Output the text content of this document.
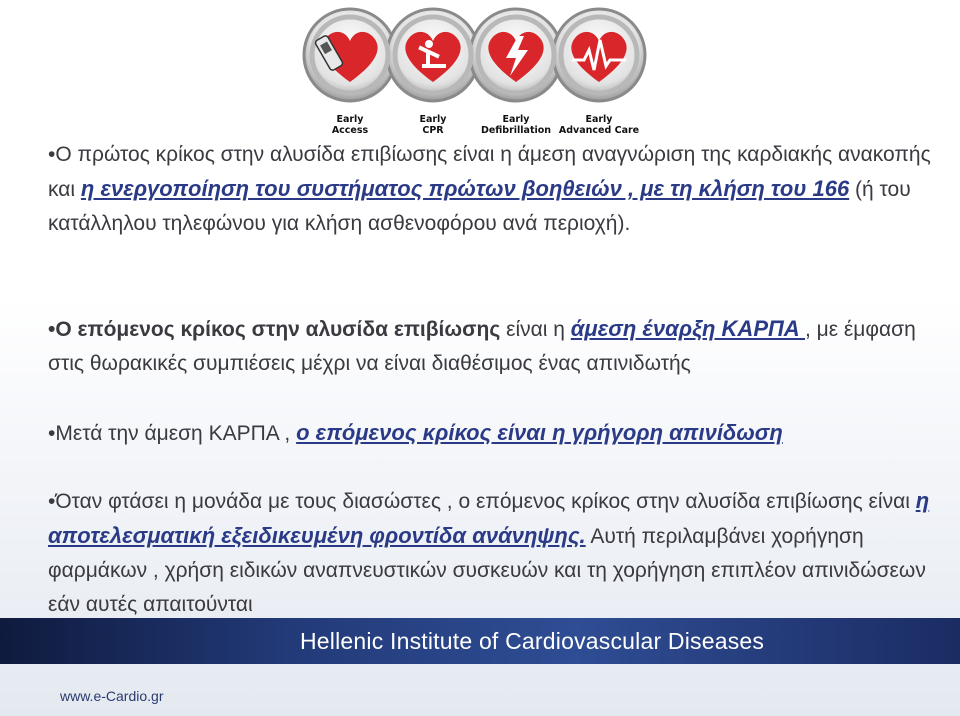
Early
Access
Early
CPR
Early
Defibrillation
Early
Advanced Care

•Ο πρώτος κρίκος στην αλυσίδα επιβίωσης είναι η άμεση αναγνώριση της καρδιακής ανακοπής και η ενεργοποίηση του συστήματος πρώτων βοηθειών , με τη κλήση του 166 (ή του κατάλληλου τηλεφώνου για κλήση ασθενοφόρου ανά περιοχή).

•Ο επόμενος κρίκος στην αλυσίδα επιβίωσης είναι η άμεση έναρξη ΚΑΡΠΑ , με έμφαση στις θωρακικές συμπιέσεις μέχρι να είναι διαθέσιμος ένας απινιδωτής

•Μετά την άμεση ΚΑΡΠΑ , ο επόμενος κρίκος είναι η γρήγορη απινίδωση

•Όταν φτάσει η μονάδα με τους διασώστες , ο επόμενος κρίκος στην αλυσίδα επιβίωσης είναι η αποτελεσματική εξειδικευμένη φροντίδα ανάνηψης. Αυτή περιλαμβάνει χορήγηση φαρμάκων , χρήση ειδικών αναπνευστικών συσκευών και τη χορήγηση επιπλέον απινιδώσεων εάν αυτές απαιτούνται

Hellenic Institute of Cardiovascular Diseases
www.e-Cardio.gr
